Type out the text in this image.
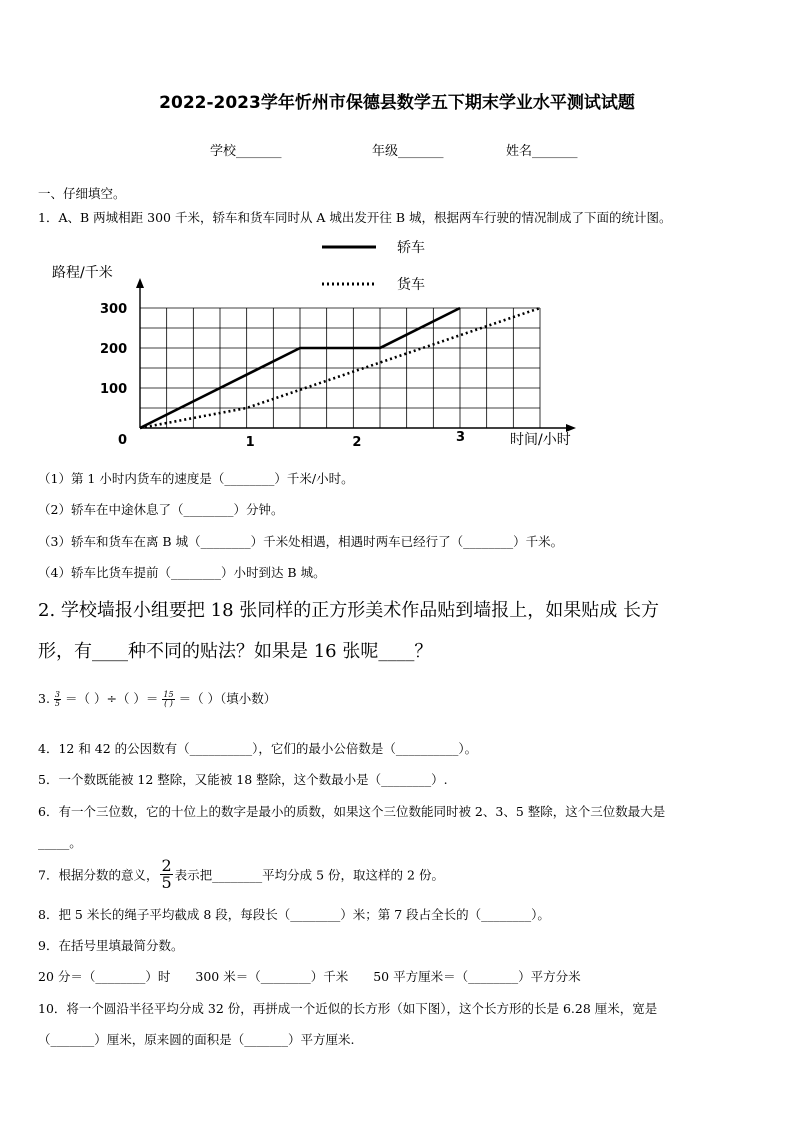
2022-2023学年忻州市保德县数学五下期末学业水平测试试题
学校_______	年级_______	姓名_______
一、仔细填空。
1．A、B 两城相距 300 千米，轿车和货车同时从 A 城出发开往 B 城，根据两车行驶的情况制成了下面的统计图。
轿车
货车
路程/千米
时间/小时
0	1	2	3
100
200
300
（1）第 1 小时内货车的速度是（________）千米/小时。
（2）轿车在中途休息了（________）分钟。
（3）轿车和货车在离 B 城（________）千米处相遇，相遇时两车已经行了（________）千米。
（4）轿车比货车提前（________）小时到达 B 城。
2. 学校墙报小组要把 18 张同样的正方形美术作品贴到墙报上，如果贴成 长方
形，有____种不同的贴法？如果是 16 张呢____？
3. $\frac{3}{5}$ ＝（ ）÷（ ）＝ $\frac{15}{( )}$ ＝（ ）（填小数）
4．12 和 42 的公因数有（__________），它们的最小公倍数是（__________）。
5．一个数既能被 12 整除，又能被 18 整除，这个数最小是（________）.
6．有一个三位数，它的十位上的数字是最小的质数，如果这个三位数能同时被 2、3、5 整除，这个三位数最大是
_____。
7．根据分数的意义， $\frac{2}{5}$ 表示把________平均分成 5 份，取这样的 2 份。
8．把 5 米长的绳子平均截成 8 段，每段长（________）米；第 7 段占全长的（________）。
9．在括号里填最简分数。
20 分＝（________）时　　300 米＝（________）千米　　50 平方厘米＝（________）平方分米
10．将一个圆沿半径平均分成 32 份，再拼成一个近似的长方形（如下图），这个长方形的长是 6.28 厘米，宽是
（_______）厘米，原来圆的面积是（_______）平方厘米.
